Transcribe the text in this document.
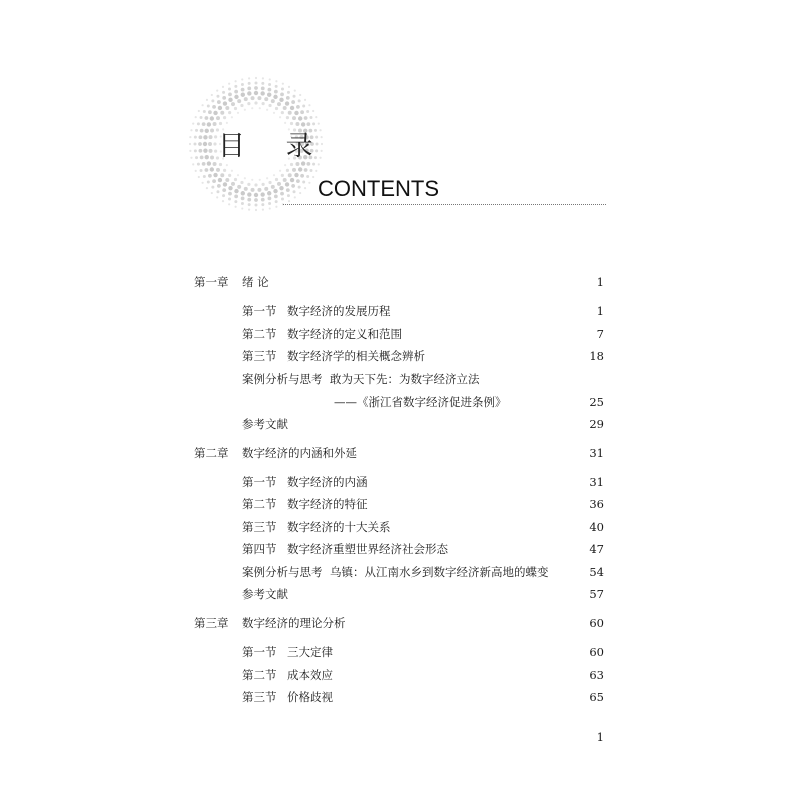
目 录
CONTENTS
第一章 绪 论	1
第一节 数字经济的发展历程	1
第二节 数字经济的定义和范围	7
第三节 数字经济学的相关概念辨析	18
案例分析与思考 敢为天下先：为数字经济立法
——《浙江省数字经济促进条例》	25
参考文献	29
第二章 数字经济的内涵和外延	31
第一节 数字经济的内涵	31
第二节 数字经济的特征	36
第三节 数字经济的十大关系	40
第四节 数字经济重塑世界经济社会形态	47
案例分析与思考 乌镇：从江南水乡到数字经济新高地的蝶变	54
参考文献	57
第三章 数字经济的理论分析	60
第一节 三大定律	60
第二节 成本效应	63
第三节 价格歧视	65
1
